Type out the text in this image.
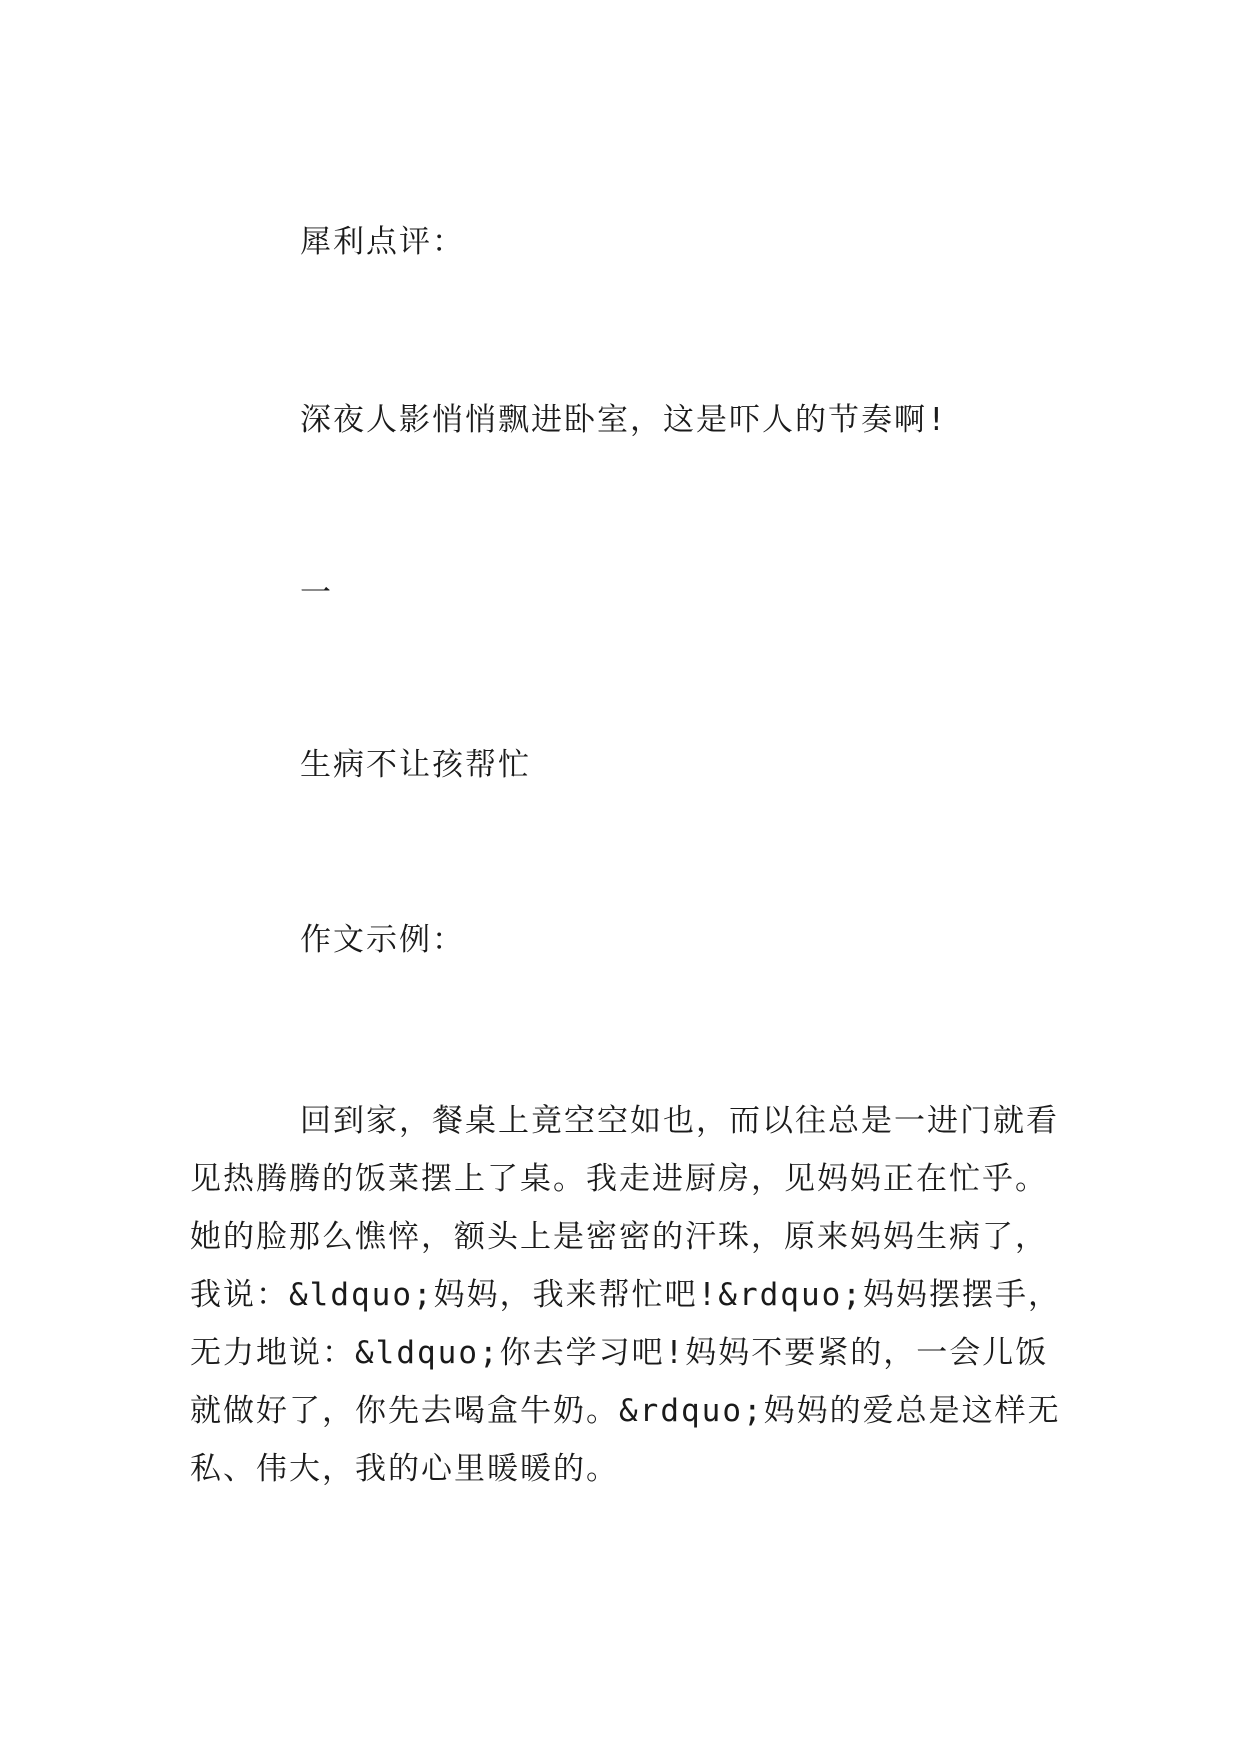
犀利点评：
深夜人影悄悄飘进卧室，这是吓人的节奏啊!
一
生病不让孩帮忙
作文示例：

回到家，餐桌上竟空空如也，而以往总是一进门就看见热腾腾的饭菜摆上了桌。我走进厨房，见妈妈正在忙乎。她的脸那么憔悴，额头上是密密的汗珠，原来妈妈生病了，我说：&ldquo;妈妈，我来帮忙吧!&rdquo;妈妈摆摆手，无力地说：&ldquo;你去学习吧!妈妈不要紧的，一会儿饭就做好了，你先去喝盒牛奶。&rdquo;妈妈的爱总是这样无私、伟大，我的心里暖暖的。
